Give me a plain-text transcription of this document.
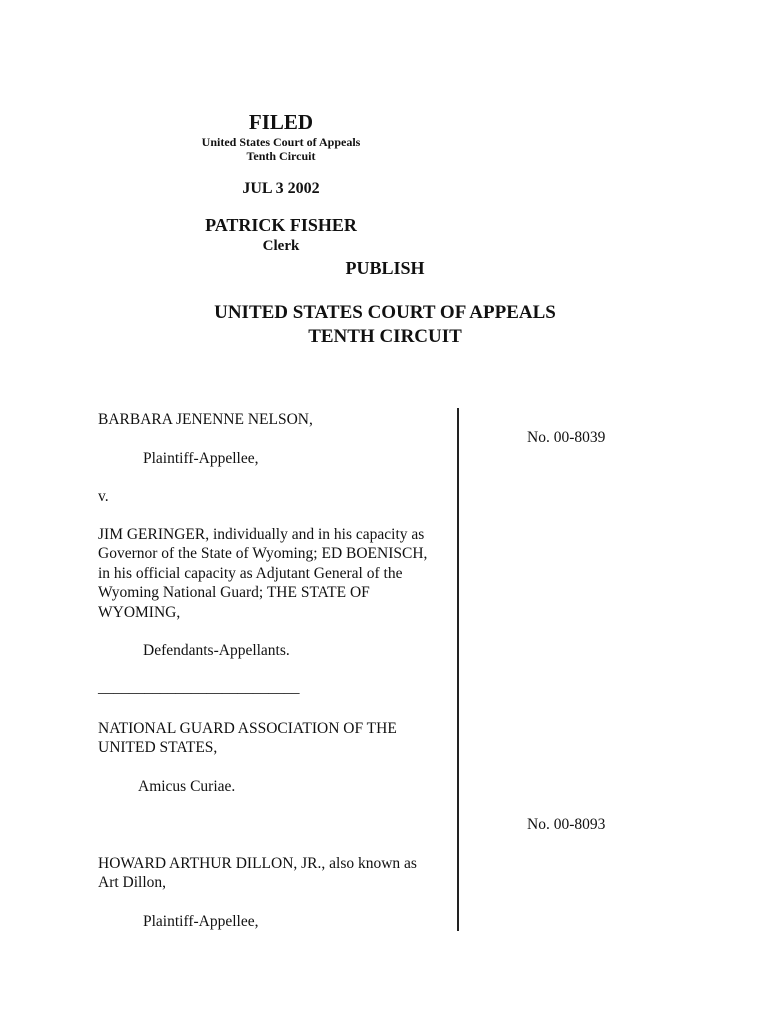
FILED
United States Court of Appeals
Tenth Circuit
JUL 3 2002
PATRICK FISHER
Clerk
PUBLISH
UNITED STATES COURT OF APPEALS
TENTH CIRCUIT
BARBARA JENENNE NELSON,
Plaintiff-Appellee,
v.
JIM GERINGER, individually and in his capacity as
Governor of the State of Wyoming; ED BOENISCH,
in his official capacity as Adjutant General of the
Wyoming National Guard; THE STATE OF
WYOMING,
Defendants-Appellants.
__________________________
NATIONAL GUARD ASSOCIATION OF THE
UNITED STATES,
Amicus Curiae.
HOWARD ARTHUR DILLON, JR., also known as
Art Dillon,
Plaintiff-Appellee,
No. 00-8039
No. 00-8093
